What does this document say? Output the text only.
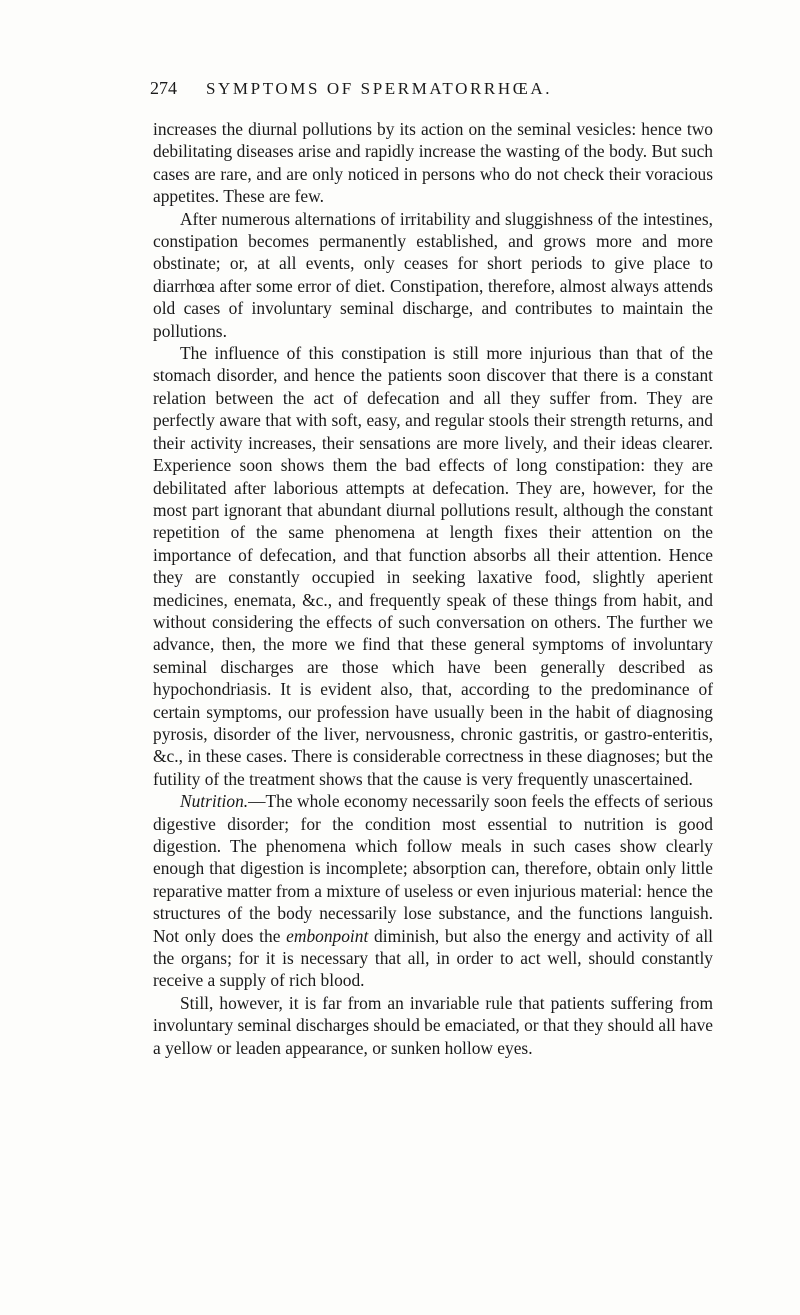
274 SYMPTOMS OF SPERMATORRHŒA.

increases the diurnal pollutions by its action on the seminal vesicles: hence two debilitating diseases arise and rapidly increase the wasting of the body. But such cases are rare, and are only noticed in persons who do not check their voracious appetites. These are few.

After numerous alternations of irritability and sluggishness of the intestines, constipation becomes permanently established, and grows more and more obstinate; or, at all events, only ceases for short periods to give place to diarrhœa after some error of diet. Constipation, therefore, almost always attends old cases of involuntary seminal discharge, and contributes to maintain the pollutions.

The influence of this constipation is still more injurious than that of the stomach disorder, and hence the patients soon discover that there is a constant relation between the act of defecation and all they suffer from. They are perfectly aware that with soft, easy, and regular stools their strength returns, and their activity increases, their sensations are more lively, and their ideas clearer. Experience soon shows them the bad effects of long constipation: they are debilitated after laborious attempts at defecation. They are, however, for the most part ignorant that abundant diurnal pollutions result, although the constant repetition of the same phenomena at length fixes their attention on the importance of defecation, and that function absorbs all their attention. Hence they are constantly occupied in seeking laxative food, slightly aperient medicines, enemata, &c., and frequently speak of these things from habit, and without considering the effects of such conversation on others. The further we advance, then, the more we find that these general symptoms of involuntary seminal discharges are those which have been generally described as hypochondriasis. It is evident also, that, according to the predominance of certain symptoms, our profession have usually been in the habit of diagnosing pyrosis, disorder of the liver, nervousness, chronic gastritis, or gastro-enteritis, &c., in these cases. There is considerable correctness in these diagnoses; but the futility of the treatment shows that the cause is very frequently unascertained.

Nutrition.—The whole economy necessarily soon feels the effects of serious digestive disorder; for the condition most essential to nutrition is good digestion. The phenomena which follow meals in such cases show clearly enough that digestion is incomplete; absorption can, therefore, obtain only little reparative matter from a mixture of useless or even injurious material: hence the structures of the body necessarily lose substance, and the functions languish. Not only does the embonpoint diminish, but also the energy and activity of all the organs; for it is necessary that all, in order to act well, should constantly receive a supply of rich blood.

Still, however, it is far from an invariable rule that patients suffering from involuntary seminal discharges should be emaciated, or that they should all have a yellow or leaden appearance, or sunken hollow eyes.
